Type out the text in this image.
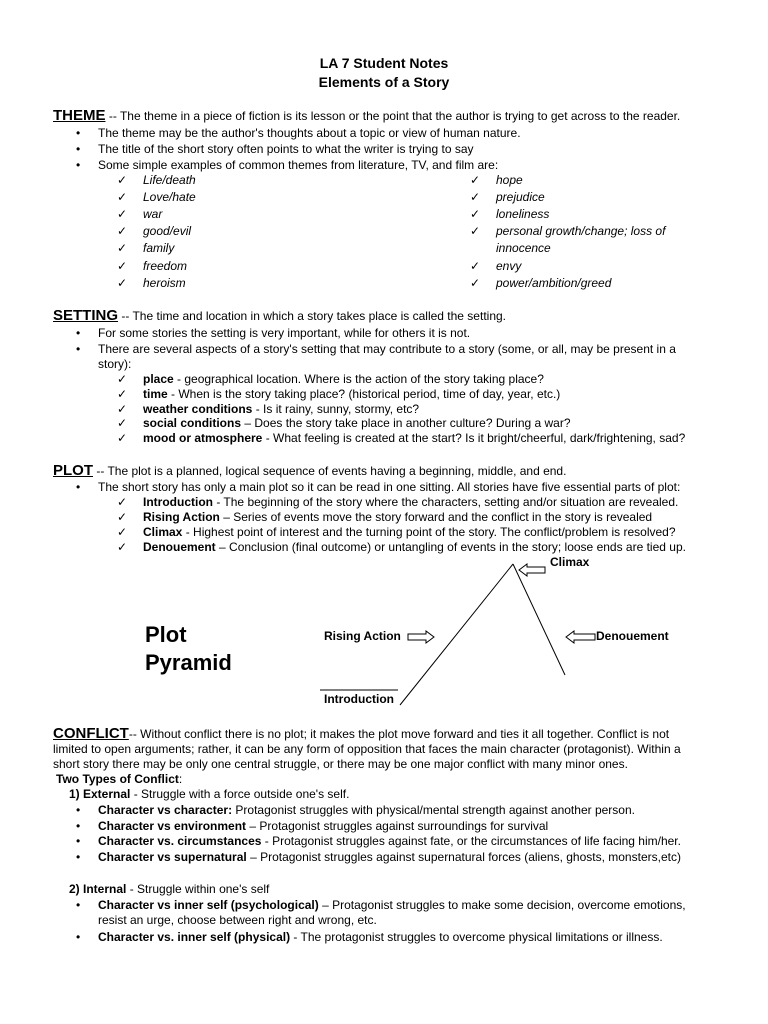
LA 7 Student Notes
Elements of a Story
THEME -- The theme in a piece of fiction is its lesson or the point that the author is trying to get across to the reader.
• The theme may be the author's thoughts about a topic or view of human nature.
• The title of the short story often points to what the writer is trying to say
• Some simple examples of common themes from literature, TV, and film are:
✓ Life/death
✓ Love/hate
✓ war
✓ good/evil
✓ family
✓ freedom
✓ heroism
✓ hope
✓ prejudice
✓ loneliness
✓ personal growth/change; loss of
innocence
✓ envy
✓ power/ambition/greed
SETTING -- The time and location in which a story takes place is called the setting.
• For some stories the setting is very important, while for others it is not.
• There are several aspects of a story's setting that may contribute to a story (some, or all, may be present in a
story):
✓ place - geographical location. Where is the action of the story taking place?
✓ time - When is the story taking place? (historical period, time of day, year, etc.)
✓ weather conditions - Is it rainy, sunny, stormy, etc?
✓ social conditions – Does the story take place in another culture? During a war?
✓ mood or atmosphere - What feeling is created at the start? Is it bright/cheerful, dark/frightening, sad?
PLOT -- The plot is a planned, logical sequence of events having a beginning, middle, and end.
• The short story has only a main plot so it can be read in one sitting. All stories have five essential parts of plot:
✓ Introduction - The beginning of the story where the characters, setting and/or situation are revealed.
✓ Rising Action – Series of events move the story forward and the conflict in the story is revealed
✓ Climax - Highest point of interest and the turning point of the story. The conflict/problem is resolved?
✓ Denouement – Conclusion (final outcome) or untangling of events in the story; loose ends are tied up.
Plot
Pyramid
Climax
Rising Action	Denouement
Introduction
CONFLICT-- Without conflict there is no plot; it makes the plot move forward and ties it all together. Conflict is not
limited to open arguments; rather, it can be any form of opposition that faces the main character (protagonist). Within a
short story there may be only one central struggle, or there may be one major conflict with many minor ones.
Two Types of Conflict:
1) External - Struggle with a force outside one's self.
• Character vs character: Protagonist struggles with physical/mental strength against another person.
• Character vs environment – Protagonist struggles against surroundings for survival
• Character vs. circumstances - Protagonist struggles against fate, or the circumstances of life facing him/her.
• Character vs supernatural – Protagonist struggles against supernatural forces (aliens, ghosts, monsters,etc)
2) Internal - Struggle within one's self
• Character vs inner self (psychological) – Protagonist struggles to make some decision, overcome emotions,
resist an urge, choose between right and wrong, etc.
• Character vs. inner self (physical) - The protagonist struggles to overcome physical limitations or illness.
